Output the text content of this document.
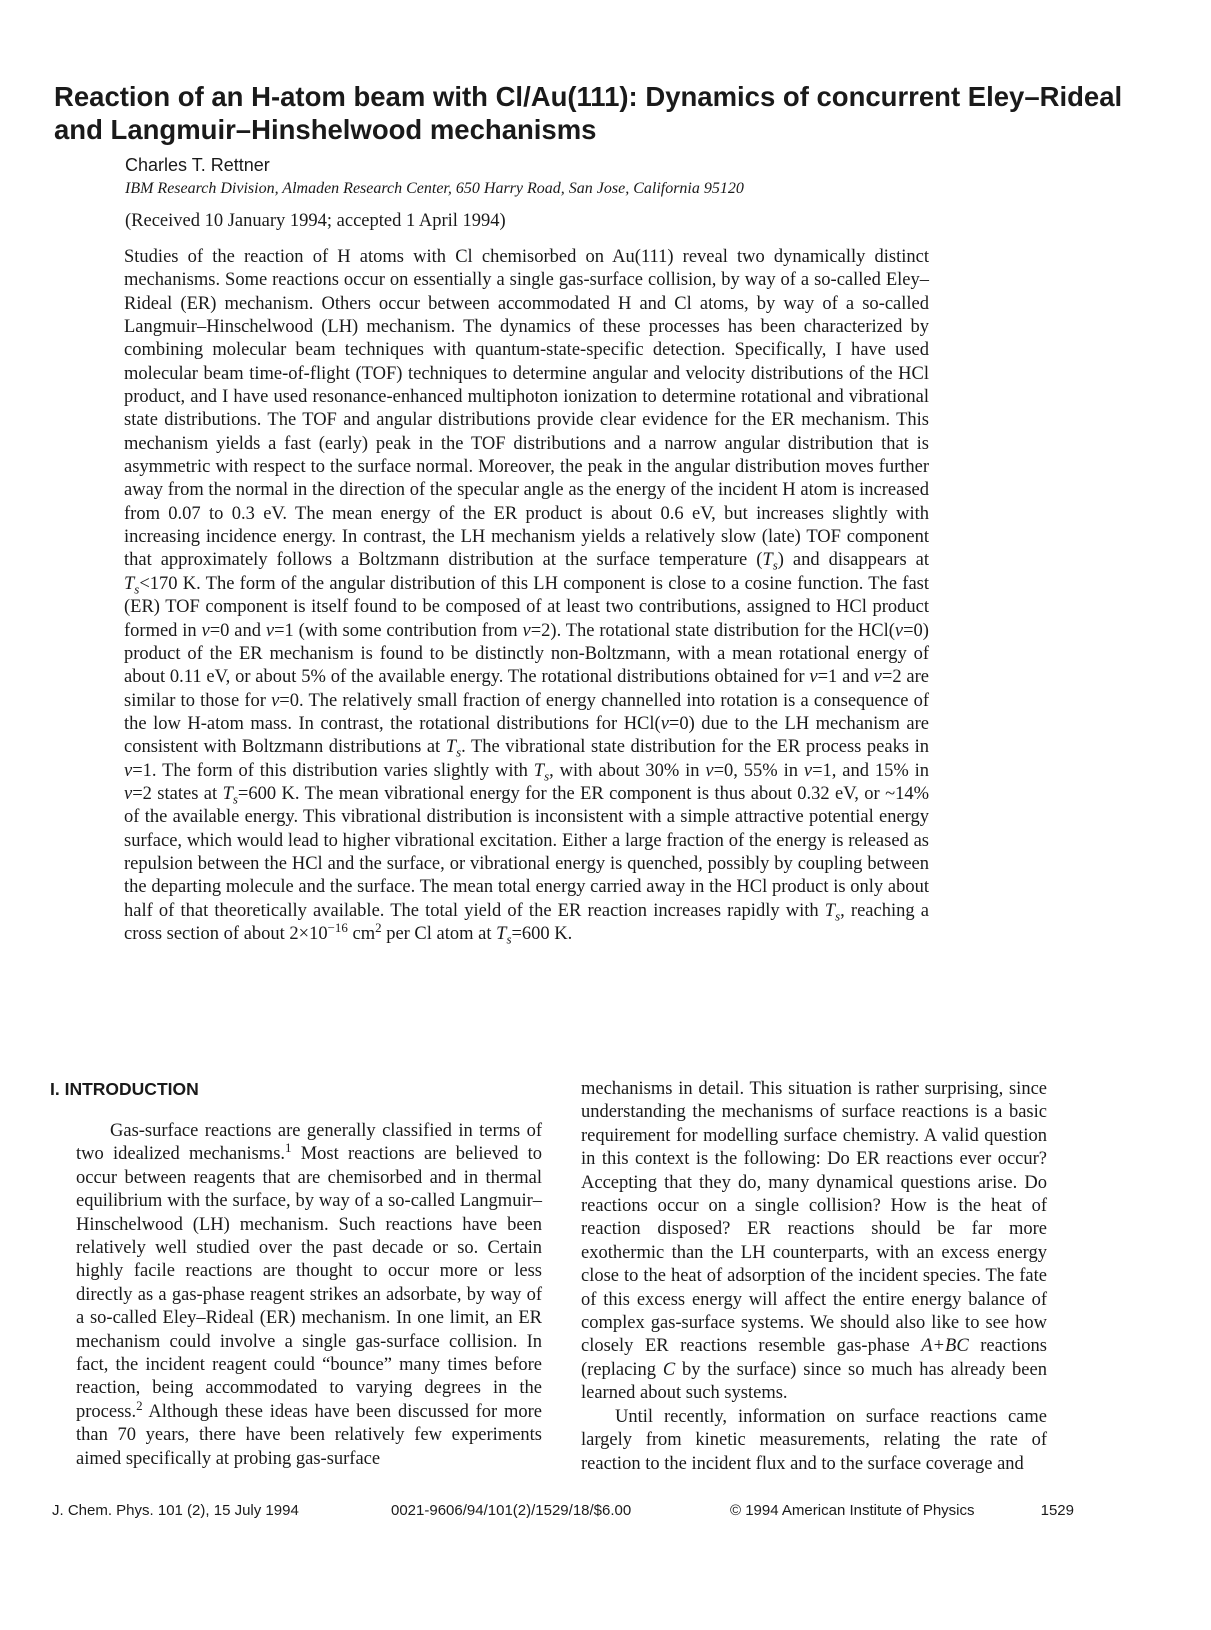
Reaction of an H-atom beam with Cl/Au(111): Dynamics of concurrent Eley–Rideal and Langmuir–Hinshelwood mechanisms
Charles T. Rettner
IBM Research Division, Almaden Research Center, 650 Harry Road, San Jose, California 95120
(Received 10 January 1994; accepted 1 April 1994)

Studies of the reaction of H atoms with Cl chemisorbed on Au(111) reveal two dynamically distinct mechanisms. Some reactions occur on essentially a single gas-surface collision, by way of a so-called Eley–Rideal (ER) mechanism. Others occur between accommodated H and Cl atoms, by way of a so-called Langmuir–Hinschelwood (LH) mechanism. The dynamics of these processes has been characterized by combining molecular beam techniques with quantum-state-specific detection. Specifically, I have used molecular beam time-of-flight (TOF) techniques to determine angular and velocity distributions of the HCl product, and I have used resonance-enhanced multiphoton ionization to determine rotational and vibrational state distributions. The TOF and angular distributions provide clear evidence for the ER mechanism. This mechanism yields a fast (early) peak in the TOF distributions and a narrow angular distribution that is asymmetric with respect to the surface normal. Moreover, the peak in the angular distribution moves further away from the normal in the direction of the specular angle as the energy of the incident H atom is increased from 0.07 to 0.3 eV. The mean energy of the ER product is about 0.6 eV, but increases slightly with increasing incidence energy. In contrast, the LH mechanism yields a relatively slow (late) TOF component that approximately follows a Boltzmann distribution at the surface temperature $(T_s)$ and disappears at $T_s<170$ K. The form of the angular distribution of this LH component is close to a cosine function. The fast (ER) TOF component is itself found to be composed of at least two contributions, assigned to HCl product formed in v=0 and v=1 (with some contribution from v=2). The rotational state distribution for the HCl(v=0) product of the ER mechanism is found to be distinctly non-Boltzmann, with a mean rotational energy of about 0.11 eV, or about 5% of the available energy. The rotational distributions obtained for v=1 and v=2 are similar to those for v=0. The relatively small fraction of energy channelled into rotation is a consequence of the low H-atom mass. In contrast, the rotational distributions for HCl(v=0) due to the LH mechanism are consistent with Boltzmann distributions at $T_s$. The vibrational state distribution for the ER process peaks in v=1. The form of this distribution varies slightly with $T_s$, with about 30% in v=0, 55% in v=1, and 15% in v=2 states at $T_s=600$ K. The mean vibrational energy for the ER component is thus about 0.32 eV, or ~14% of the available energy. This vibrational distribution is inconsistent with a simple attractive potential energy surface, which would lead to higher vibrational excitation. Either a large fraction of the energy is released as repulsion between the HCl and the surface, or vibrational energy is quenched, possibly by coupling between the departing molecule and the surface. The mean total energy carried away in the HCl product is only about half of that theoretically available. The total yield of the ER reaction increases rapidly with $T_s$, reaching a cross section of about $2\times 10^{-16}$ $cm^2$ per Cl atom at $T_s=600$ K.

I. INTRODUCTION

Gas-surface reactions are generally classified in terms of two idealized mechanisms.$^1$ Most reactions are believed to occur between reagents that are chemisorbed and in thermal equilibrium with the surface, by way of a so-called Langmuir–Hinschelwood (LH) mechanism. Such reactions have been relatively well studied over the past decade or so. Certain highly facile reactions are thought to occur more or less directly as a gas-phase reagent strikes an adsorbate, by way of a so-called Eley–Rideal (ER) mechanism. In one limit, an ER mechanism could involve a single gas-surface collision. In fact, the incident reagent could “bounce” many times before reaction, being accommodated to varying degrees in the process.$^2$ Although these ideas have been discussed for more than 70 years, there have been relatively few experiments aimed specifically at probing gas-surface

mechanisms in detail. This situation is rather surprising, since understanding the mechanisms of surface reactions is a basic requirement for modelling surface chemistry. A valid question in this context is the following: Do ER reactions ever occur? Accepting that they do, many dynamical questions arise. Do reactions occur on a single collision? How is the heat of reaction disposed? ER reactions should be far more exothermic than the LH counterparts, with an excess energy close to the heat of adsorption of the incident species. The fate of this excess energy will affect the entire energy balance of complex gas-surface systems. We should also like to see how closely ER reactions resemble gas-phase A+BC reactions (replacing C by the surface) since so much has already been learned about such systems.

Until recently, information on surface reactions came largely from kinetic measurements, relating the rate of reaction to the incident flux and to the surface coverage and

J. Chem. Phys. 101 (2), 15 July 1994	0021-9606/94/101(2)/1529/18/$6.00	© 1994 American Institute of Physics	1529
